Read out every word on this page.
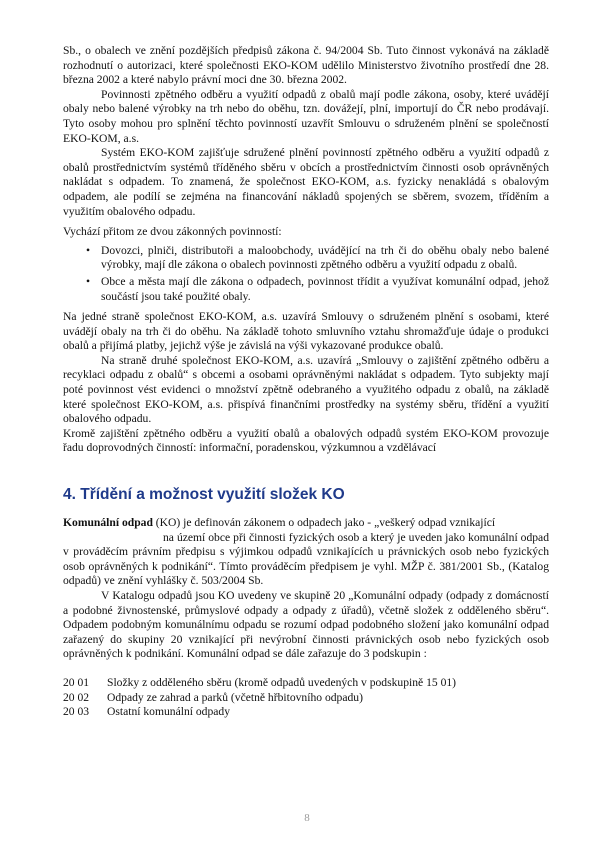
Sb., o obalech ve znění pozdějších předpisů zákona č. 94/2004 Sb. Tuto činnost vykonává na základě rozhodnutí o autorizaci, které společnosti EKO-KOM udělilo Ministerstvo životního prostředí dne 28. března 2002 a které nabylo právní moci dne 30. března 2002.

Povinnosti zpětného odběru a využití odpadů z obalů mají podle zákona, osoby, které uvádějí obaly nebo balené výrobky na trh nebo do oběhu, tzn. dovážejí, plní, importují do ČR nebo prodávají. Tyto osoby mohou pro splnění těchto povinností uzavřít Smlouvu o sdruženém plnění se společností EKO-KOM, a.s.

Systém EKO-KOM zajišťuje sdružené plnění povinností zpětného odběru a využití odpadů z obalů prostřednictvím systémů tříděného sběru v obcích a prostřednictvím činnosti osob oprávněných nakládat s odpadem. To znamená, že společnost EKO-KOM, a.s. fyzicky nenakládá s obalovým odpadem, ale podílí se zejména na financování nákladů spojených se sběrem, svozem, tříděním a využitím obalového odpadu.

Vychází přitom ze dvou zákonných povinností:

• Dovozci, plniči, distributoři a maloobchody, uvádějící na trh či do oběhu obaly nebo balené výrobky, mají dle zákona o obalech povinnosti zpětného odběru a využití odpadu z obalů.
• Obce a města mají dle zákona o odpadech, povinnost třídit a využívat komunální odpad, jehož součástí jsou také použité obaly.

Na jedné straně společnost EKO-KOM, a.s. uzavírá Smlouvy o sdruženém plnění s osobami, které uvádějí obaly na trh či do oběhu. Na základě tohoto smluvního vztahu shromažďuje údaje o produkci obalů a přijímá platby, jejichž výše je závislá na výši vykazované produkce obalů.

Na straně druhé společnost EKO-KOM, a.s. uzavírá „Smlouvy o zajištění zpětného odběru a recyklaci odpadu z obalů“ s obcemi a osobami oprávněnými nakládat s odpadem. Tyto subjekty mají poté povinnost vést evidenci o množství zpětně odebraného a využitého odpadu z obalů, na základě které společnost EKO-KOM, a.s. přispívá finančními prostředky na systémy sběru, třídění a využití obalového odpadu.

Kromě zajištění zpětného odběru a využití obalů a obalových odpadů systém EKO-KOM provozuje řadu doprovodných činností: informační, poradenskou, výzkumnou a vzdělávací

4. Třídění a možnost využití složek KO

Komunální odpad (KO) je definován zákonem o odpadech jako - „veškerý odpad vznikající

na území obce při činnosti fyzických osob a který je uveden jako komunální odpad v prováděcím právním předpisu s výjimkou odpadů vznikajících u právnických osob nebo fyzických osob oprávněných k podnikání“. Tímto prováděcím předpisem je vyhl. MŽP č. 381/2001 Sb., (Katalog odpadů) ve znění vyhlášky č. 503/2004 Sb.

V Katalogu odpadů jsou KO uvedeny ve skupině 20 „Komunální odpady (odpady z domácností a podobné živnostenské, průmyslové odpady a odpady z úřadů), včetně složek z odděleného sběru“. Odpadem podobným komunálnímu odpadu se rozumí odpad podobného složení jako komunální odpad zařazený do skupiny 20 vznikající při nevýrobní činnosti právnických osob nebo fyzických osob oprávněných k podnikání. Komunální odpad se dále zařazuje do 3 podskupin :

20 01 Složky z odděleného sběru (kromě odpadů uvedených v podskupině 15 01)
20 02 Odpady ze zahrad a parků (včetně hřbitovního odpadu)
20 03 Ostatní komunální odpady
8
